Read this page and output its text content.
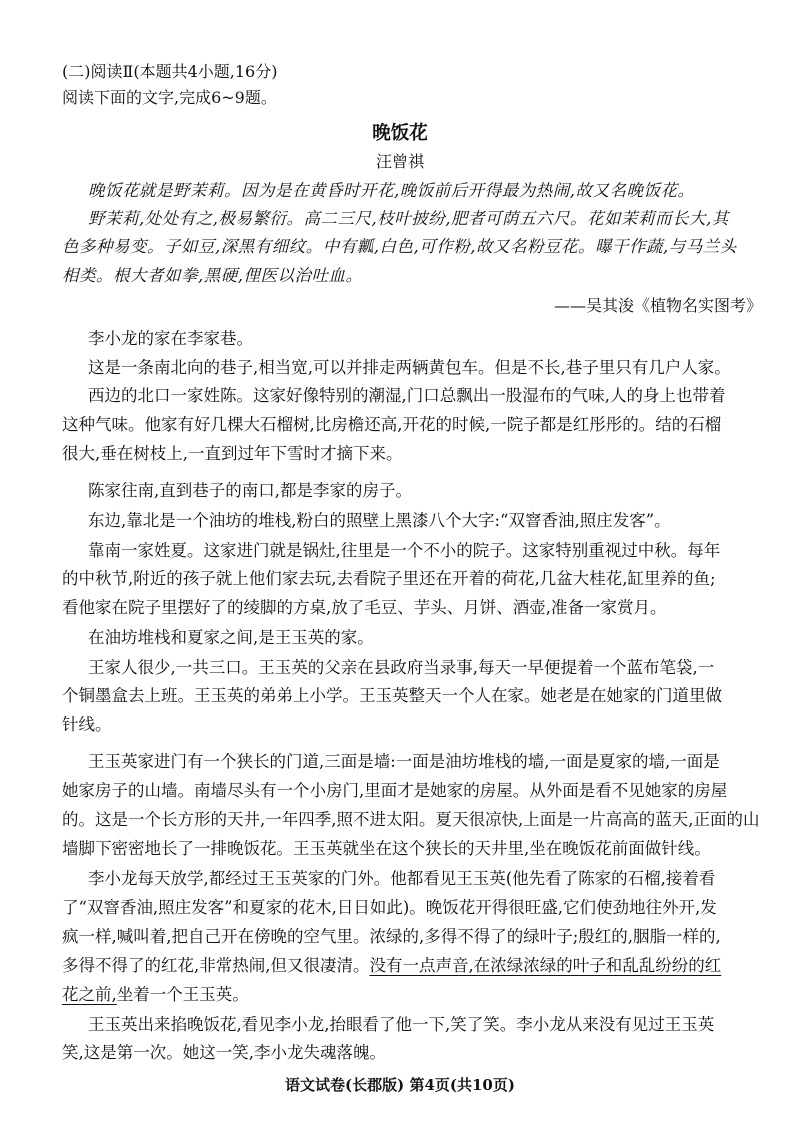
(二)阅读Ⅱ(本题共4小题,16分)
阅读下面的文字,完成6~9题。
晚饭花
汪曾祺
晚饭花就是野茉莉。因为是在黄昏时开花,晚饭前后开得最为热闹,故又名晚饭花。
野茉莉,处处有之,极易繁衍。高二三尺,枝叶披纷,肥者可荫五六尺。花如茉莉而长大,其
色多种易变。子如豆,深黑有细纹。中有瓤,白色,可作粉,故又名粉豆花。曝干作蔬,与马兰头
相类。根大者如拳,黑硬,俚医以治吐血。
——吴其浚《植物名实图考》
李小龙的家在李家巷。
这是一条南北向的巷子,相当宽,可以并排走两辆黄包车。但是不长,巷子里只有几户人家。
西边的北口一家姓陈。这家好像特别的潮湿,门口总飘出一股湿布的气味,人的身上也带着
这种气味。他家有好几棵大石榴树,比房檐还高,开花的时候,一院子都是红彤彤的。结的石榴
很大,垂在树枝上,一直到过年下雪时才摘下来。
陈家往南,直到巷子的南口,都是李家的房子。
东边,靠北是一个油坊的堆栈,粉白的照壁上黑漆八个大字:“双窨香油,照庄发客”。
靠南一家姓夏。这家进门就是锅灶,往里是一个不小的院子。这家特别重视过中秋。每年
的中秋节,附近的孩子就上他们家去玩,去看院子里还在开着的荷花,几盆大桂花,缸里养的鱼;
看他家在院子里摆好了的绫脚的方桌,放了毛豆、芋头、月饼、酒壶,准备一家赏月。
在油坊堆栈和夏家之间,是王玉英的家。
王家人很少,一共三口。王玉英的父亲在县政府当录事,每天一早便提着一个蓝布笔袋,一
个铜墨盒去上班。王玉英的弟弟上小学。王玉英整天一个人在家。她老是在她家的门道里做
针线。
王玉英家进门有一个狭长的门道,三面是墙:一面是油坊堆栈的墙,一面是夏家的墙,一面是
她家房子的山墙。南墙尽头有一个小房门,里面才是她家的房屋。从外面是看不见她家的房屋
的。这是一个长方形的天井,一年四季,照不进太阳。夏天很凉快,上面是一片高高的蓝天,正面的山
墙脚下密密地长了一排晚饭花。王玉英就坐在这个狭长的天井里,坐在晚饭花前面做针线。
李小龙每天放学,都经过王玉英家的门外。他都看见王玉英(他先看了陈家的石榴,接着看
了“双窨香油,照庄发客”和夏家的花木,日日如此)。晚饭花开得很旺盛,它们使劲地往外开,发
疯一样,喊叫着,把自己开在傍晚的空气里。浓绿的,多得不得了的绿叶子;殷红的,胭脂一样的,
多得不得了的红花,非常热闹,但又很凄清。没有一点声音,在浓绿浓绿的叶子和乱乱纷纷的红
花之前,坐着一个王玉英。
王玉英出来掐晚饭花,看见李小龙,抬眼看了他一下,笑了笑。李小龙从来没有见过王玉英
笑,这是第一次。她这一笑,李小龙失魂落魄。
语文试卷(长郡版) 第4页(共10页)
